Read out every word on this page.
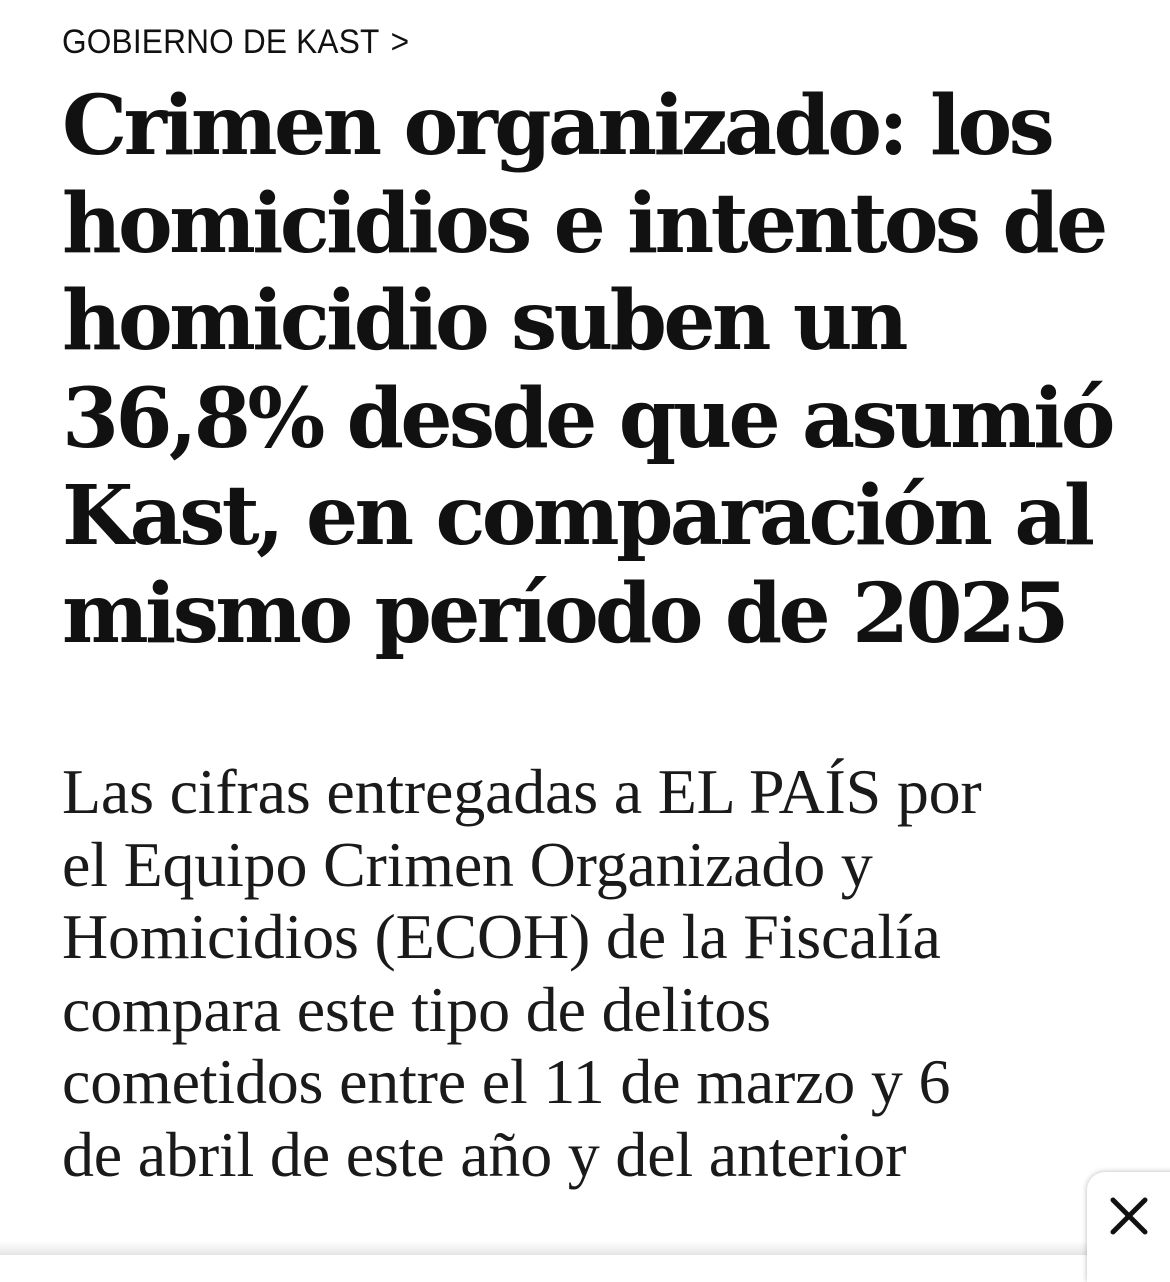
GOBIERNO DE KAST >
Crimen organizado: los
homicidios e intentos de
homicidio suben un
36,8% desde que asumió
Kast, en comparación al
mismo período de 2025
Las cifras entregadas a EL PAÍS por
el Equipo Crimen Organizado y
Homicidios (ECOH) de la Fiscalía
compara este tipo de delitos
cometidos entre el 11 de marzo y 6
de abril de este año y del anterior
